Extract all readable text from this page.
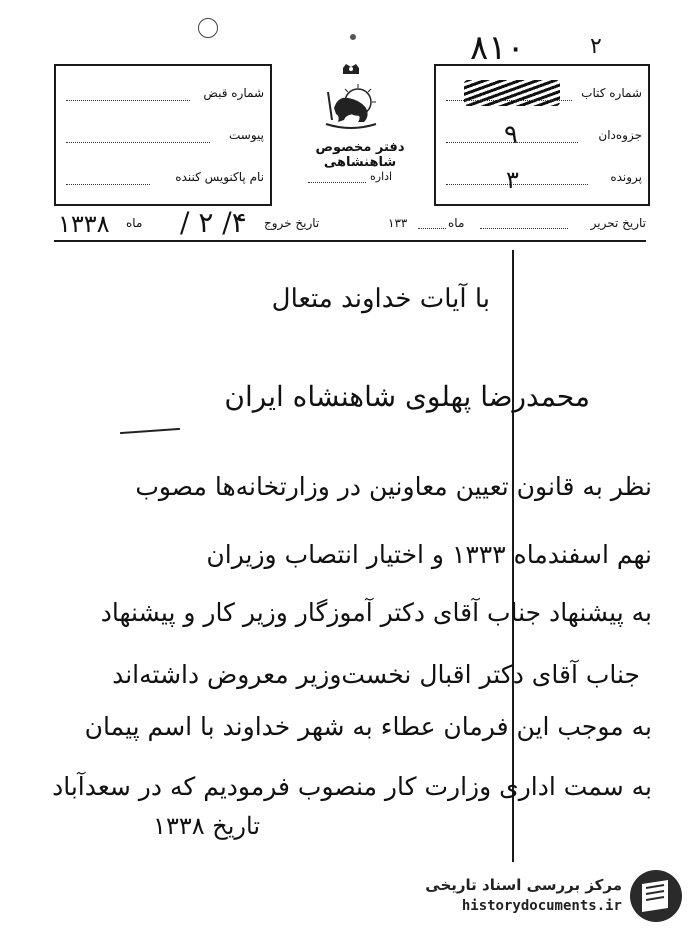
۸۱۰	۲
شماره قبض
پیوست
نام پاکنویس کننده
دفتر مخصوص شاهنشاهی
اداره
شماره کتاب
جزوه‌دان
۹
پرونده
۳
تاریخ تحریر
ماه
۱۳۳
تاریخ خروج
۴/ ۲ /
ماه
۱۳۳۸
با آیات خداوند متعال
محمدرضا پهلوی شاهنشاه ایران
نظر به قانون تعیین معاونین در وزارتخانه‌ها مصوب
نهم اسفندماه ۱۳۳۳ و اختیار انتصاب وزیران
به پیشنهاد جناب آقای دکتر آموزگار وزیر کار و پیشنهاد
جناب آقای دکتر اقبال نخست‌وزیر معروض داشته‌اند
به موجب این فرمان عطاء به شهر خداوند با اسم پیمان
به سمت اداری وزارت کار منصوب فرمودیم که در سعدآباد
تاریخ ۱۳۳۸
مرکز بررسی اسناد تاریخی
historydocuments.ir
